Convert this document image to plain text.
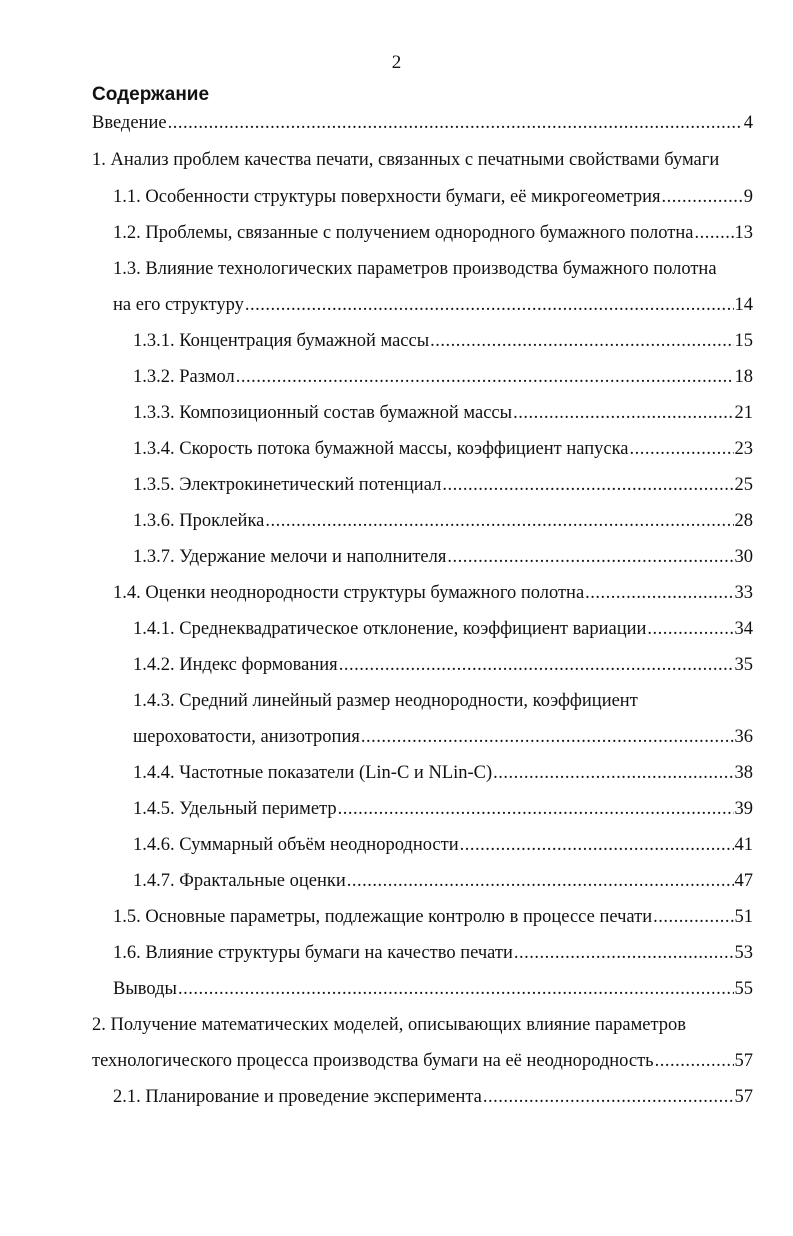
2
Содержание
Введение .....	4
1. Анализ проблем качества печати, связанных с печатными свойствами бумаги
1.1. Особенности структуры поверхности бумаги, её микрогеометрия .....	9
1.2. Проблемы, связанные с получением однородного бумажного полотна ..... 13
1.3. Влияние технологических параметров производства бумажного полотна
на его структуру .....	14
1.3.1. Концентрация бумажной массы .....	15
1.3.2. Размол .....	18
1.3.3. Композиционный состав бумажной массы .....	21
1.3.4. Скорость потока бумажной массы, коэффициент напуска .....	23
1.3.5. Электрокинетический потенциал .....	25
1.3.6. Проклейка .....	28
1.3.7. Удержание мелочи и наполнителя .....	30
1.4. Оценки неоднородности структуры бумажного полотна .....	33
1.4.1. Среднеквадратическое отклонение, коэффициент вариации .....	34
1.4.2. Индекс формования .....	35
1.4.3. Средний линейный размер неоднородности, коэффициент
шероховатости, анизотропия .....	36
1.4.4. Частотные показатели (Lin-C и NLin-C) .....	38
1.4.5. Удельный периметр .....	39
1.4.6. Суммарный объём неоднородности .....	41
1.4.7. Фрактальные оценки .....	47
1.5. Основные параметры, подлежащие контролю в процессе печати .....	51
1.6. Влияние структуры бумаги на качество печати .....	53
Выводы .....	55
2. Получение математических моделей, описывающих влияние параметров
технологического процесса производства бумаги на её неоднородность .....	57
2.1. Планирование и проведение эксперимента .....	57
